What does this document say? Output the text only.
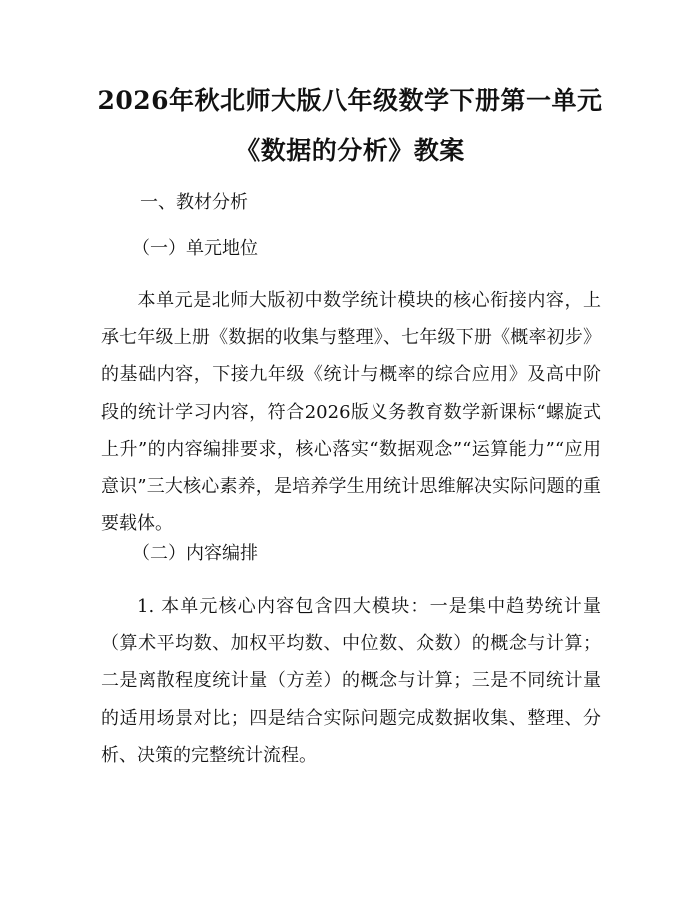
2026年秋北师大版八年级数学下册第一单元
《数据的分析》教案
一、教材分析
（一）单元地位
本单元是北师大版初中数学统计模块的核心衔接内容，上承七年级上册《数据的收集与整理》、七年级下册《概率初步》的基础内容，下接九年级《统计与概率的综合应用》及高中阶段的统计学习内容，符合2026版义务教育数学新课标“螺旋式上升”的内容编排要求，核心落实“数据观念”“运算能力”“应用意识”三大核心素养，是培养学生用统计思维解决实际问题的重要载体。
（二）内容编排
1. 本单元核心内容包含四大模块：一是集中趋势统计量（算术平均数、加权平均数、中位数、众数）的概念与计算；二是离散程度统计量（方差）的概念与计算；三是不同统计量的适用场景对比；四是结合实际问题完成数据收集、整理、分析、决策的完整统计流程。
